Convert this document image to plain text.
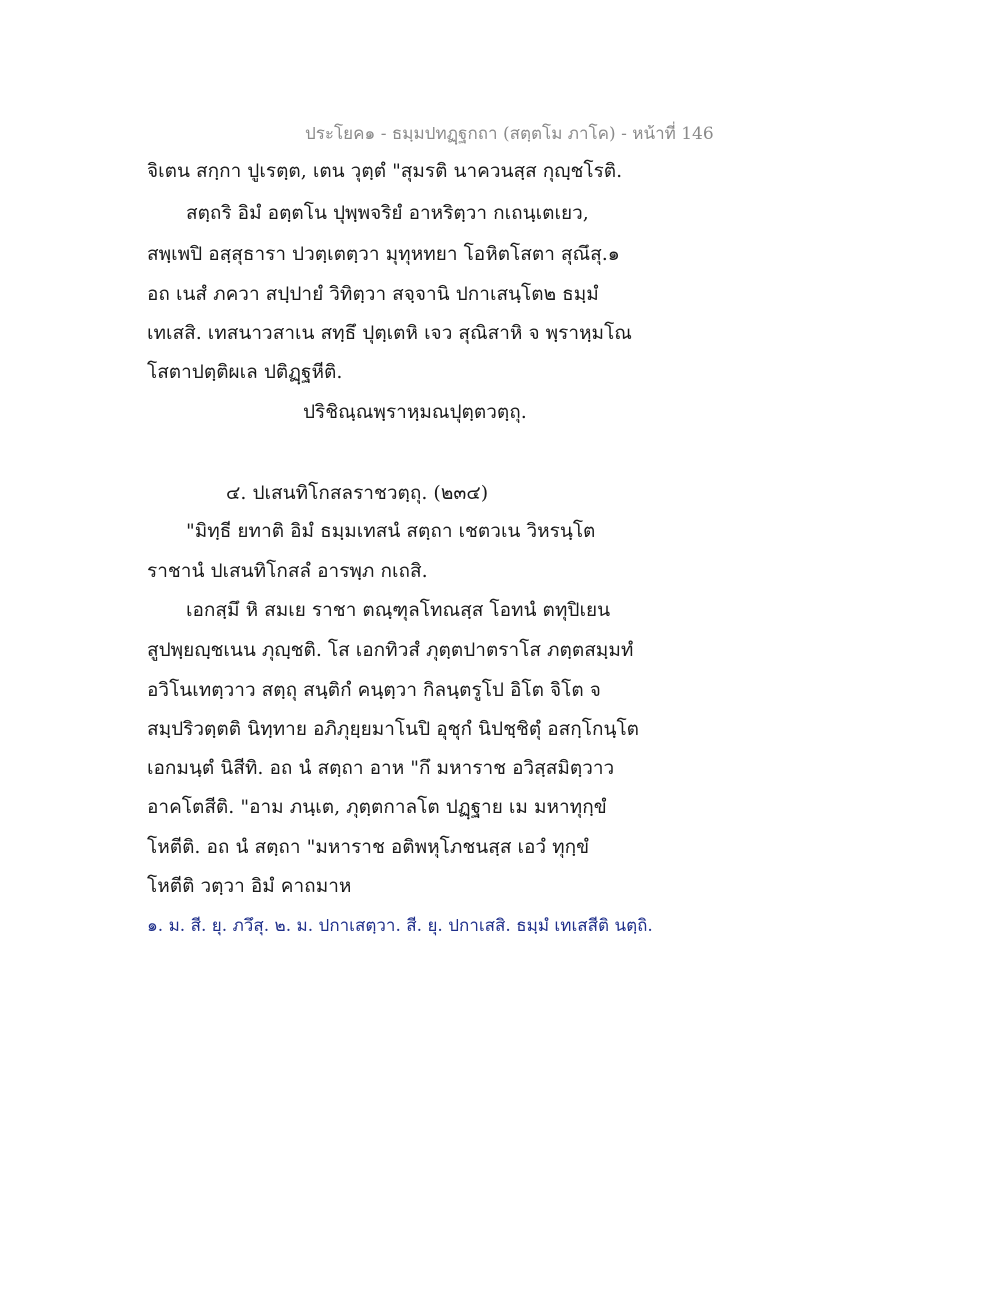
ประโยค๑ - ธมฺมปทฏฺฐกถา (สตฺตโม ภาโค) - หน้าที่ 146
จิเตน สกฺกา ปูเรตฺต, เตน วุตฺตํ "สุมรติ นาควนสฺส กุญฺชโรติ.
สตฺถริ อิมํ อตฺตโน ปุพฺพจริยํ อาหริตฺวา กเถนฺเตเยว,
สพฺเพปิ อสฺสุธารา ปวตฺเตตฺวา มุทุหทยา โอหิตโสตา สุณึสุ.๑
อถ เนสํ ภควา สปฺปายํ วิทิตฺวา สจฺจานิ ปกาเสนฺโต๒ ธมฺมํ
เทเสสิ. เทสนาวสาเน สทฺธึ ปุตฺเตหิ เจว สุณิสาหิ จ พฺราหฺมโณ
โสตาปตฺติผเล ปติฏฺฐหีติ.
ปริชิณฺณพฺราหฺมณปุตฺตวตฺถุ.
๔. ปเสนทิโกสลราชวตฺถุ. (๒๓๔)
"มิทฺธี ยทาติ อิมํ ธมฺมเทสนํ สตฺถา เชตวเน วิหรนฺโต
ราชานํ ปเสนทิโกสลํ อารพฺภ กเถสิ.
เอกสฺมึ หิ สมเย ราชา ตณฺฑุลโทณสฺส โอทนํ ตทุปิเยน
สูปพฺยญฺชเนน ภุญฺชติ. โส เอกทิวสํ ภุตฺตปาตราโส ภตฺตสมฺมทํ
อวิโนเทตฺวาว สตฺถุ สนฺติกํ คนฺตฺวา กิลนฺตรูโป อิโต จิโต จ
สมฺปริวตฺตติ นิทฺทาย อภิภุยฺยมาโนปิ อุชุกํ นิปชฺชิตุํ อสกฺโกนฺโต
เอกมนฺตํ นิสีทิ. อถ นํ สตฺถา อาห "กึ มหาราช อวิสฺสมิตฺวาว
อาคโตสีติ. "อาม ภนฺเต, ภุตฺตกาลโต ปฏฺฐาย เม มหาทุกฺขํ
โหตีติ. อถ นํ สตฺถา "มหาราช อติพหุโภชนสฺส เอวํ ทุกฺขํ
โหตีติ วตฺวา อิมํ คาถมาห
๑. ม. สี. ยุ. ภวึสุ. ๒. ม. ปกาเสตฺวา. สี. ยุ. ปกาเสสิ. ธมฺมํ เทเสสีติ นตฺถิ.
